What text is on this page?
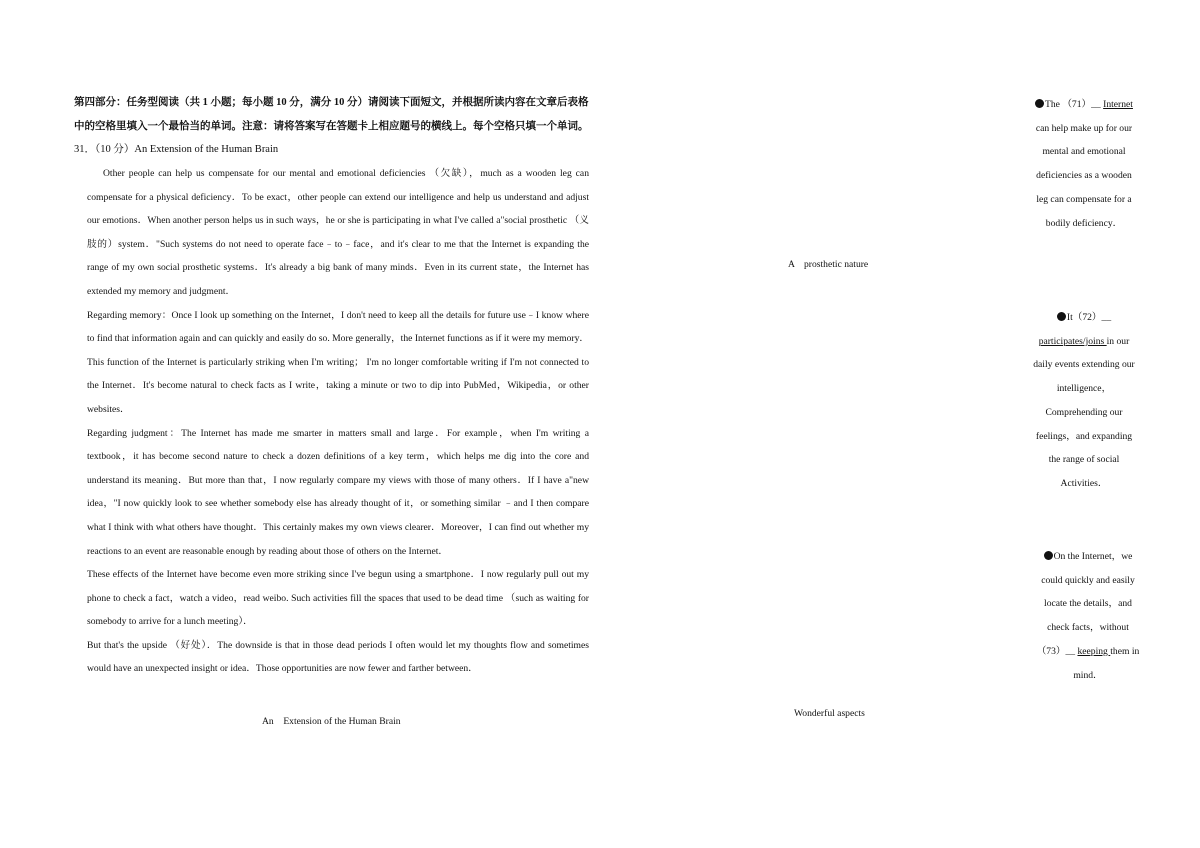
第四部分：任务型阅读（共 1 小题；每小题 10 分，满分 10 分）请阅读下面短文，并根据所读内容在文章后表格
中的空格里填入一个最恰当的单词。注意：请将答案写在答题卡上相应题号的横线上。每个空格只填一个单词。
31．（10 分）An Extension of the Human Brain

Other people can help us compensate for our mental and emotional deficiencies （欠缺），much as a wooden leg can compensate for a physical deficiency．To be exact，other people can extend our intelligence and help us understand and adjust our emotions．When another person helps us in such ways，he or she is participating in what I've called a"social prosthetic （义肢的）system．"Such systems do not need to operate face﹣to﹣face，and it's clear to me that the Internet is expanding the range of my own social prosthetic systems．It's already a big bank of many minds．Even in its current state，the Internet has extended my memory and judgment．

Regarding memory：Once I look up something on the Internet，I don't need to keep all the details for future use﹣I know where to find that information again and can quickly and easily do so. More generally，the Internet functions as if it were my memory．This function of the Internet is particularly striking when I'm writing； I'm no longer comfortable writing if I'm not connected to the Internet．It's become natural to check facts as I write，taking a minute or two to dip into PubMed，Wikipedia，or other websites．

Regarding judgment：The Internet has made me smarter in matters small and large．For example，when I'm writing a textbook，it has become second nature to check a dozen definitions of a key term，which helps me dig into the core and understand its meaning．But more than that，I now regularly compare my views with those of many others．If I have a"new idea，"I now quickly look to see whether somebody else has already thought of it，or something similar ﹣and I then compare what I think with what others have thought．This certainly makes my own views clearer．Moreover，I can find out whether my reactions to an event are reasonable enough by reading about those of others on the Internet．

These effects of the Internet have become even more striking since I've begun using a smartphone．I now regularly pull out my phone to check a fact，watch a video，read weibo. Such activities fill the spaces that used to be dead time （such as waiting for somebody to arrive for a lunch meeting）．

But that's the upside （好处）．The downside is that in those dead periods I often would let my thoughts flow and sometimes would have an unexpected insight or idea．Those opportunities are now fewer and farther between．

An　Extension of the Human Brain
A　prosthetic nature
Wonderful aspects
The （71）__ Internet can help make up for our mental and emotional deficiencies as a wooden leg can compensate for a bodily deficiency．
It（72）__ participates/joins in our daily events extending our intelligence，Comprehending our feelings，and expanding the range of social Activities．
On the Internet，we could quickly and easily locate the details，and check facts，without（73）__ keeping them in mind．
